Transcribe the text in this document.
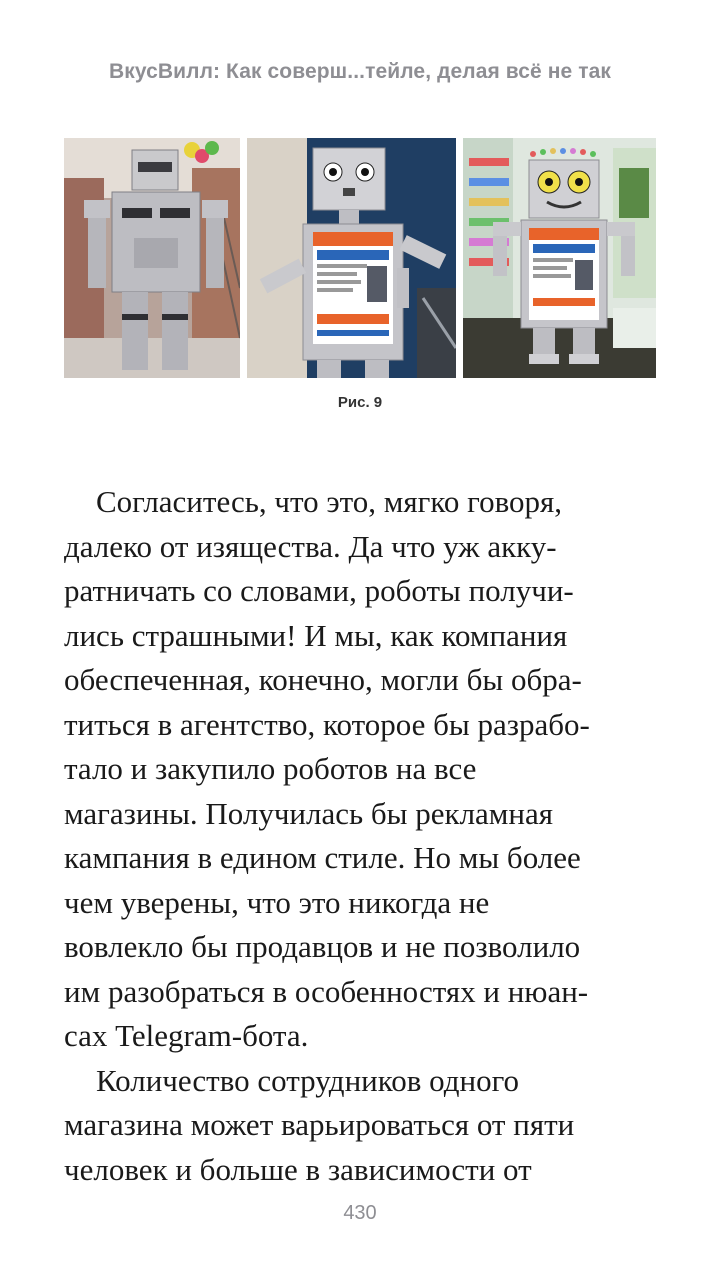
ВкусВилл: Как соверш...тейле, делая всё не так
Рис. 9
Согласитесь, что это, мягко говоря,
далеко от изящества. Да что уж акку-
ратничать со словами, роботы получи-
лись страшными! И мы, как компания
обеспеченная, конечно, могли бы обра-
титься в агентство, которое бы разрабо-
тало и закупило роботов на все
магазины. Получилась бы рекламная
кампания в едином стиле. Но мы более
чем уверены, что это никогда не
вовлекло бы продавцов и не позволило
им разобраться в особенностях и нюан-
сах Telegram-бота.
Количество сотрудников одного
магазина может варьироваться от пяти
человек и больше в зависимости от
430
